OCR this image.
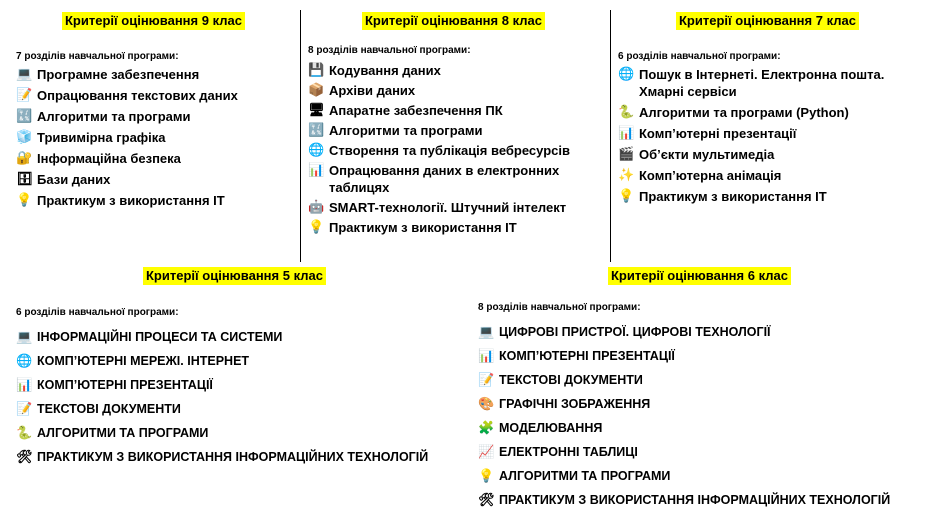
Критерії оцінювання 9 клас
7 розділів навчальної програми:
💻 Програмне забезпечення
📝 Опрацювання текстових даних
🔣 Алгоритми та програми
🧊 Тривимірна графіка
🔐 Інформаційна безпека
🗄 Бази даних
💡 Практикум з використання ІТ
Критерії оцінювання 8 клас
8 розділів навчальної програми:
💾 Кодування даних
📦 Архіви даних
🖥 Апаратне забезпечення ПК
🔣 Алгоритми та програми
🌐 Створення та публікація вебресурсів
📊 Опрацювання даних в електронних таблицях
🤖 SMART-технології. Штучний інтелект
💡 Практикум з використання ІТ
Критерії оцінювання 7 клас
6 розділів навчальної програми:
🌐 Пошук в Інтернеті. Електронна пошта. Хмарні сервіси
🐍 Алгоритми та програми (Python)
📊 Комп’ютерні презентації
🎬 Об’єкти мультимедіа
✨ Комп’ютерна анімація
💡 Практикум з використання ІТ
Критерії оцінювання 5 клас
6 розділів навчальної програми:
💻 ІНФОРМАЦІЙНІ ПРОЦЕСИ ТА СИСТЕМИ
🌐 КОМП’ЮТЕРНІ МЕРЕЖІ. ІНТЕРНЕТ
📊 КОМП’ЮТЕРНІ ПРЕЗЕНТАЦІЇ
📝 ТЕКСТОВІ ДОКУМЕНТИ
🐍 АЛГОРИТМИ ТА ПРОГРАМИ
🛠 ПРАКТИКУМ З ВИКОРИСТАННЯ ІНФОРМАЦІЙНИХ ТЕХНОЛОГІЙ
Критерії оцінювання 6 клас
8 розділів навчальної програми:
💻 ЦИФРОВІ ПРИСТРОЇ. ЦИФРОВІ ТЕХНОЛОГІЇ
📊 КОМП’ЮТЕРНІ ПРЕЗЕНТАЦІЇ
📝 ТЕКСТОВІ ДОКУМЕНТИ
🎨 ГРАФІЧНІ ЗОБРАЖЕННЯ
🧩 МОДЕЛЮВАННЯ
📈 ЕЛЕКТРОННІ ТАБЛИЦІ
💡 АЛГОРИТМИ ТА ПРОГРАМИ
🛠 ПРАКТИКУМ З ВИКОРИСТАННЯ ІНФОРМАЦІЙНИХ ТЕХНОЛОГІЙ
